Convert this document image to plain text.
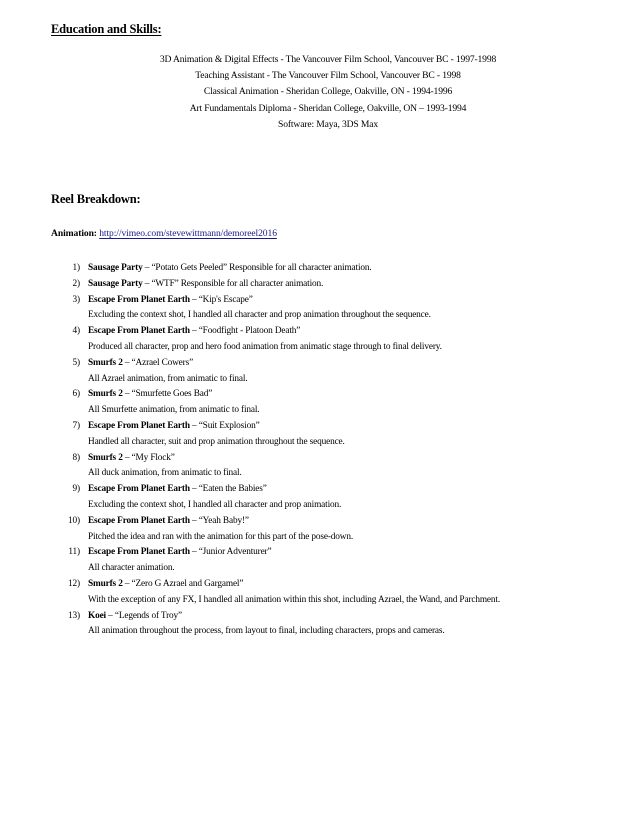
Education and Skills:
3D Animation & Digital Effects - The Vancouver Film School, Vancouver BC - 1997-1998
Teaching Assistant - The Vancouver Film School, Vancouver BC - 1998
Classical Animation - Sheridan College, Oakville, ON - 1994-1996
Art Fundamentals Diploma - Sheridan College, Oakville, ON – 1993-1994
Software: Maya, 3DS Max
Reel Breakdown:
Animation: http://vimeo.com/stevewittmann/demoreel2016
1) Sausage Party – “Potato Gets Peeled” Responsible for all character animation.
2) Sausage Party – “WTF” Responsible for all character animation.
3) Escape From Planet Earth – “Kip's Escape”
Excluding the context shot, I handled all character and prop animation throughout the sequence.
4) Escape From Planet Earth – “Foodfight - Platoon Death”
Produced all character, prop and hero food animation from animatic stage through to final delivery.
5) Smurfs 2 – “Azrael Cowers”
All Azrael animation, from animatic to final.
6) Smurfs 2 – “Smurfette Goes Bad”
All Smurfette animation, from animatic to final.
7) Escape From Planet Earth – “Suit Explosion”
Handled all character, suit and prop animation throughout the sequence.
8) Smurfs 2 – “My Flock”
All duck animation, from animatic to final.
9) Escape From Planet Earth – “Eaten the Babies”
Excluding the context shot, I handled all character and prop animation.
10) Escape From Planet Earth – “Yeah Baby!”
Pitched the idea and ran with the animation for this part of the pose-down.
11) Escape From Planet Earth – “Junior Adventurer”
All character animation.
12) Smurfs 2 – “Zero G Azrael and Gargamel”
With the exception of any FX, I handled all animation within this shot, including Azrael, the Wand, and Parchment.
13) Koei – “Legends of Troy”
All animation throughout the process, from layout to final, including characters, props and cameras.
